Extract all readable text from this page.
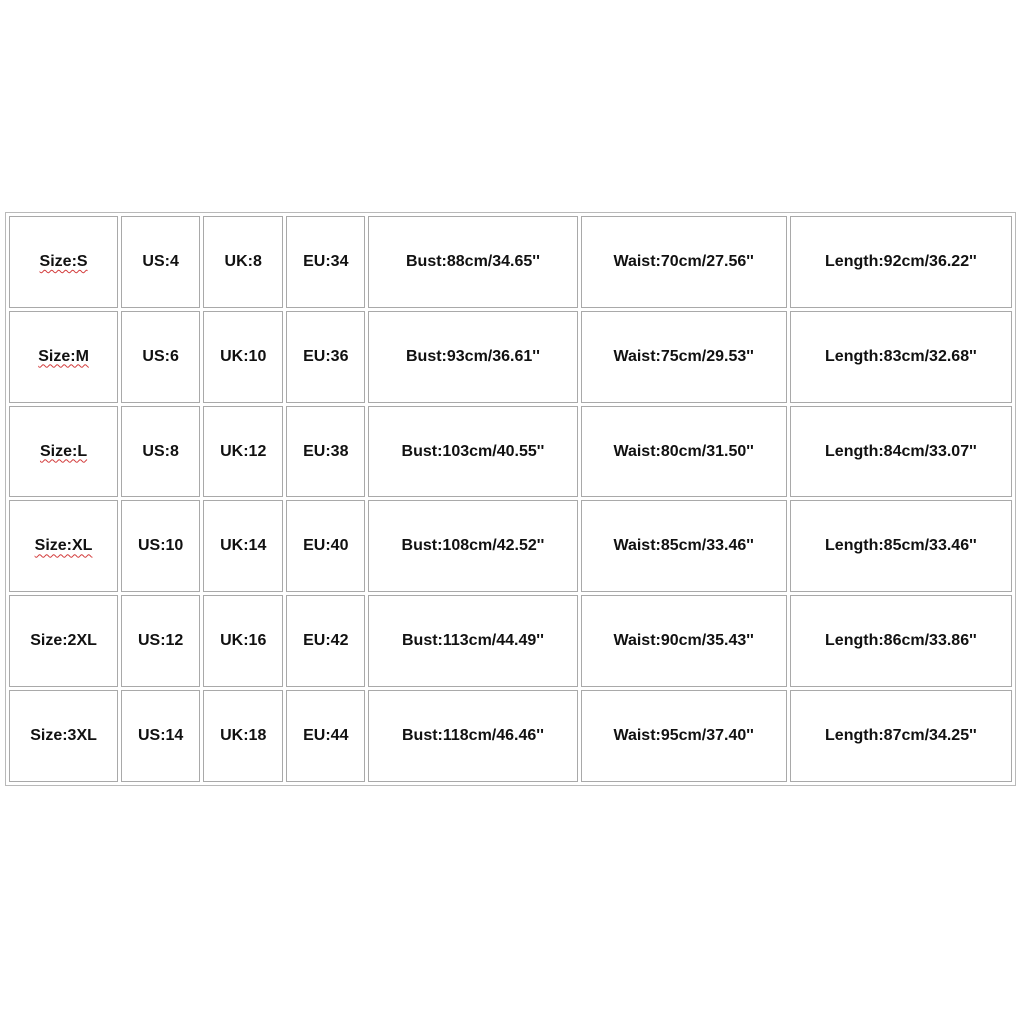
Size:S	US:4	UK:8	EU:34	Bust:88cm/34.65''	Waist:70cm/27.56''	Length:92cm/36.22''
Size:M	US:6	UK:10	EU:36	Bust:93cm/36.61''	Waist:75cm/29.53''	Length:83cm/32.68''
Size:L	US:8	UK:12	EU:38	Bust:103cm/40.55''	Waist:80cm/31.50''	Length:84cm/33.07''
Size:XL	US:10	UK:14	EU:40	Bust:108cm/42.52''	Waist:85cm/33.46''	Length:85cm/33.46''
Size:2XL	US:12	UK:16	EU:42	Bust:113cm/44.49''	Waist:90cm/35.43''	Length:86cm/33.86''
Size:3XL	US:14	UK:18	EU:44	Bust:118cm/46.46''	Waist:95cm/37.40''	Length:87cm/34.25''
